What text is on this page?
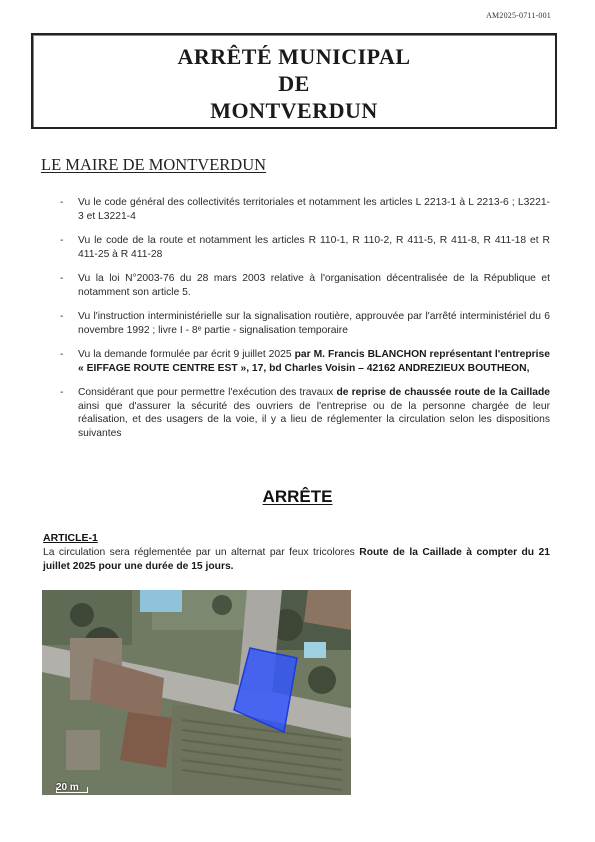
AM2025-0711-001
ARRÊTÉ MUNICIPAL
DE
MONTVERDUN
LE MAIRE DE MONTVERDUN
- Vu le code général des collectivités territoriales et notamment les articles L 2213-1 à L 2213-6 ; L3221-3 et L3221-4
- Vu le code de la route et notamment les articles R 110-1, R 110-2, R 411-5, R 411-8, R 411-18 et R 411-25 à R 411-28
- Vu la loi N°2003-76 du 28 mars 2003 relative à l'organisation décentralisée de la République et notamment son article 5.
- Vu l'instruction interministérielle sur la signalisation routière, approuvée par l'arrêté interministériel du 6 novembre 1992 ; livre I - 8ᵉ partie - signalisation temporaire
- Vu la demande formulée par écrit 9 juillet 2025 par M. Francis BLANCHON représentant l'entreprise « EIFFAGE ROUTE CENTRE EST », 17, bd Charles Voisin – 42162 ANDREZIEUX BOUTHEON,
- Considérant que pour permettre l'exécution des travaux de reprise de chaussée route de la Caillade ainsi que d'assurer la sécurité des ouvriers de l'entreprise ou de la personne chargée de leur réalisation, et des usagers de la voie, il y a lieu de réglementer la circulation selon les dispositions suivantes
ARRÊTE
ARTICLE-1
La circulation sera réglementée par un alternat par feux tricolores Route de la Caillade à compter du 21 juillet 2025 pour une durée de 15 jours.
20 m
